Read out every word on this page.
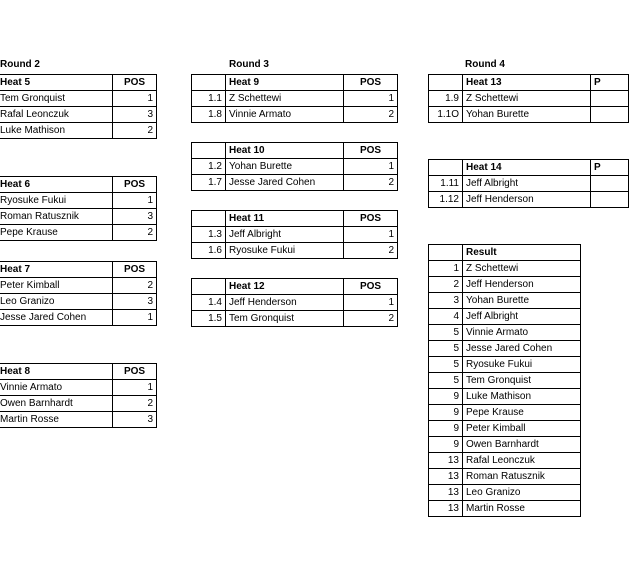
Round 2	Round 3	Round 4
Heat 5	POS
Tem Gronquist	1
Rafal Leonczuk	3
Luke Mathison	2
Heat 6	POS
Ryosuke Fukui	1
Roman Ratusznik	3
Pepe Krause	2
Heat 7	POS
Peter Kimball	2
Leo Granizo	3
Jesse Jared Cohen	1
Heat 8	POS
Vinnie Armato	1
Owen Barnhardt	2
Martin Rosse	3
	Heat 9	POS
1.1	Z Schettewi	1
1.8	Vinnie Armato	2
	Heat 10	POS
1.2	Yohan Burette	1
1.7	Jesse Jared Cohen	2
	Heat 11	POS
1.3	Jeff Albright	1
1.6	Ryosuke Fukui	2
	Heat 12	POS
1.4	Jeff Henderson	1
1.5	Tem Gronquist	2
	Heat 13	P
1.9	Z Schettewi	
1.1O	Yohan Burette	
	Heat 14	P
1.11	Jeff Albright	
1.12	Jeff Henderson	
	Result
1	Z Schettewi
2	Jeff Henderson
3	Yohan Burette
4	Jeff Albright
5	Vinnie Armato
5	Jesse Jared Cohen
5	Ryosuke Fukui
5	Tem Gronquist
9	Luke Mathison
9	Pepe Krause
9	Peter Kimball
9	Owen Barnhardt
13	Rafal Leonczuk
13	Roman Ratusznik
13	Leo Granizo
13	Martin Rosse
